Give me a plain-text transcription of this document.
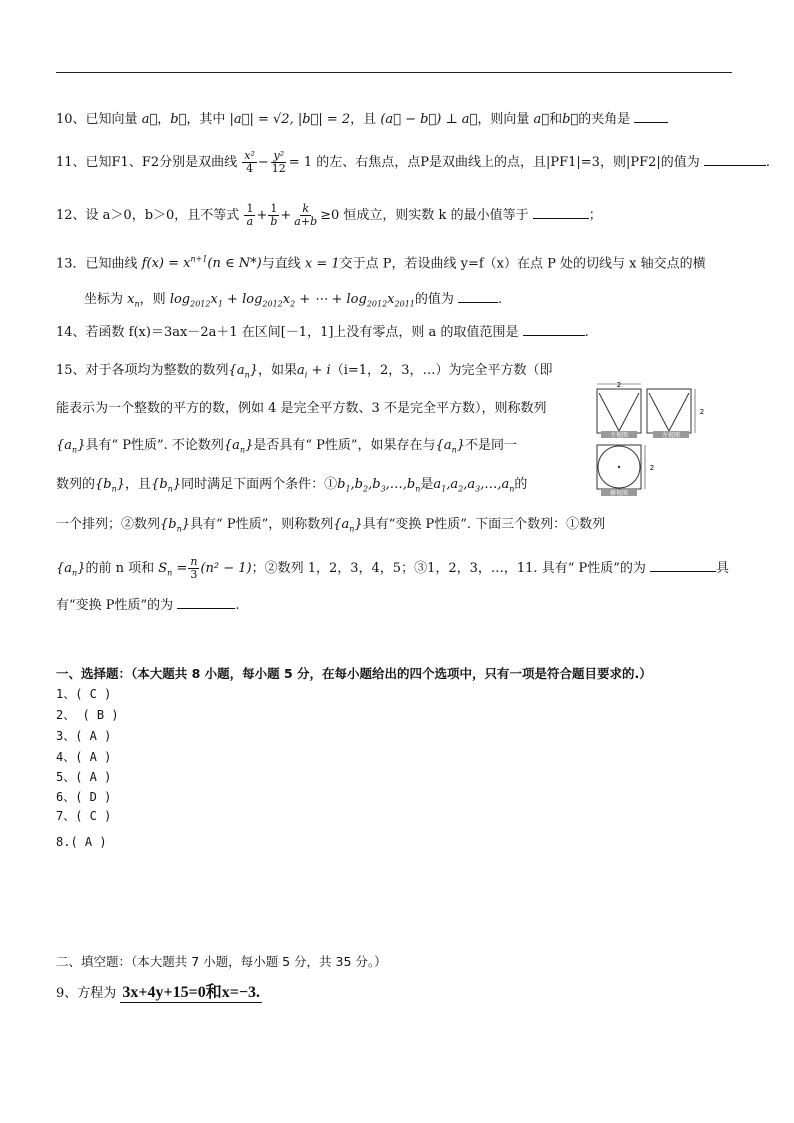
10、已知向量 a⃗，b⃗，其中 |a⃗| = √2, |b⃗| = 2，且 (a⃗ − b⃗) ⊥ a⃗，则向量 a⃗和b⃗的夹角是
11、已知F1、F2分别是双曲线 $\frac{\text{x²}}{4} - \frac{\text{y²}}{12} = 1$ 的左、右焦点，点P是双曲线上的点，且|PF1|=3，则|PF2|的值为	.
12、设 a＞0，b＞0，且不等式 $\frac{1}{a} + \frac{1}{b} + \frac{k}{a+b} \ge 0$ 恒成立，则实数 k 的最小值等于	；
13．已知曲线 $f(x) = x^{n+1}(n$ ∈ N*)与直线 x = 1交于点 P，若设曲线 y=f（x）在点 P 处的切线与 x 轴交点的横
坐标为 $x_n$，则 $\log_{2012}x_1 + \log_{2012}x_2$ + ⋯ + $\log_{2012}x_{2011}$的值为	.
14、若函数 f(x)＝3ax－2a＋1 在区间[－1，1]上没有零点，则 a 的取值范围是	.
15、对于各项均为整数的数列$\{a_n\}$，如果$a_i + i(i=1$，2，3，…）为完全平方数（即
能表示为一个整数的平方的数，例如 4 是完全平方数、3 不是完全平方数），则称数列
$\{a_n\}$具有“ P性质”. 不论数列$\{a_n\}$是否具有“ P性质”，如果存在与$\{a_n\}$不是同一
数列的$\{b_n\}$，且$\{b_n\}$同时满足下面两个条件：$①b_1,b_2,b_3,\dots,b_n$是$a_1,a_2,a_3,\dots,a_n$的
一个排列；②数列$\{b_n\}$具有“ P性质”，则称数列$\{a_n\}$具有“变换 P性质”. 下面三个数列：①数列
$\{a_n\}$的前 n 项和 $S_n = \frac{n}{3} (n^2 - 1)$；②数列 1，2，3，4，5；③1，2，3，…，11. 具有“ P性质”的为	具
有“变换 P性质”的为	.
主视图
2
左视图
2
俯视图
2
一、选择题：（本大题共 8 小题，每小题 5 分，在每小题给出的四个选项中，只有一项是符合题目要求的.）
1、( C )
2、 ( B )
3、( A )
4、( A )
5、( A )
6、( D )
7、( C )
8.( A )
二、填空题：（本大题共 7 小题，每小题 5 分，共 35 分。）
9、方程为 3x+4y+15=0和x=−3.
